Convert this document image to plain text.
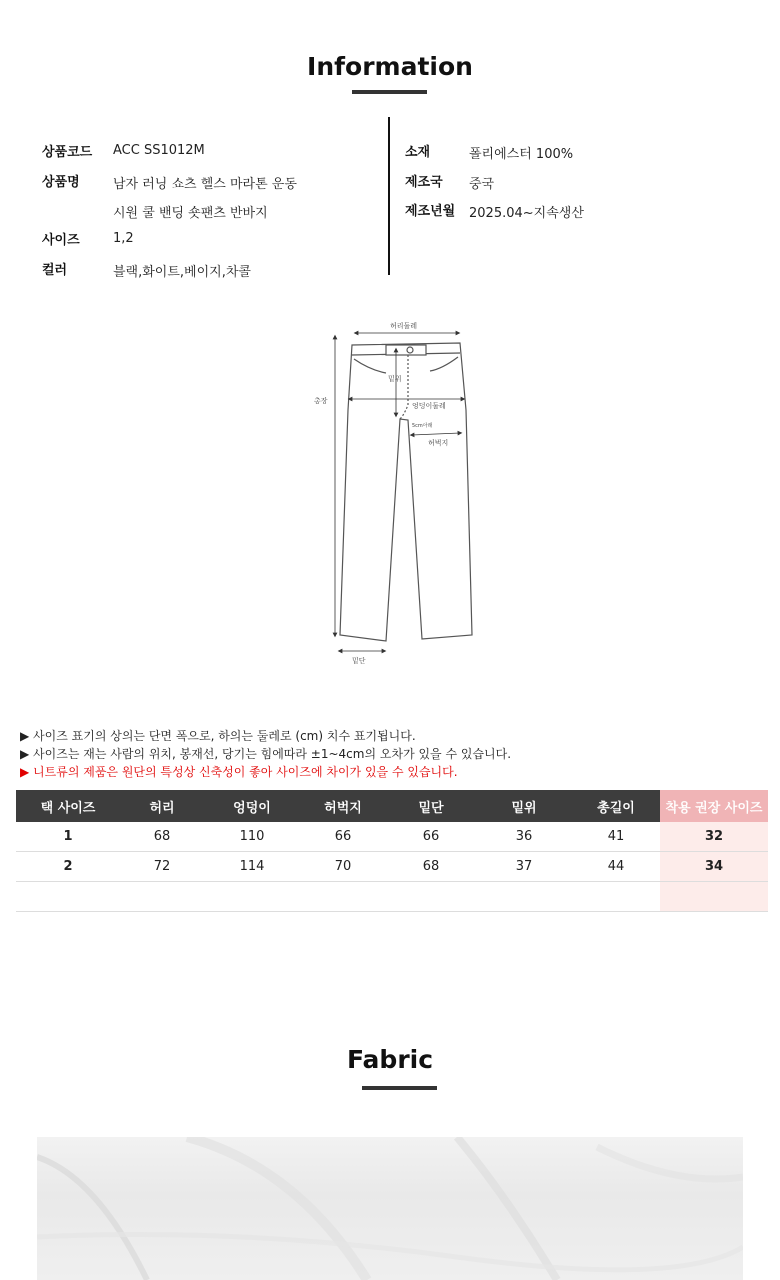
Information
상품코드 ACC SS1012M
상품명	남자 러닝 쇼츠 헬스 마라톤 운동
시원 쿨 밴딩 숏팬츠 반바지
사이즈	1,2
컬러	블랙,화이트,베이지,차콜
소재	폴리에스터 100%
제조국 중국
제조년월 2025.04~지속생산
허리둘레
총장
밑위
엉덩이둘레
5cm아래
허벅지
밑단
▶ 사이즈 표기의 상의는 단면 폭으로, 하의는 둘레로 (cm) 치수 표기됩니다.
▶ 사이즈는 재는 사람의 위치, 봉재선, 당기는 힘에따라 ±1~4cm의 오차가 있을 수 있습니다.
▶ 니트류의 제품은 원단의 특성상 신축성이 좋아 사이즈에 차이가 있을 수 있습니다.
택 사이즈	허리	엉덩이	허벅지	밑단	밑위	총길이	착용 권장 사이즈
1	68	110	66	66	36	41	32
2	72	114	70	68	37	44	34

Fabric
